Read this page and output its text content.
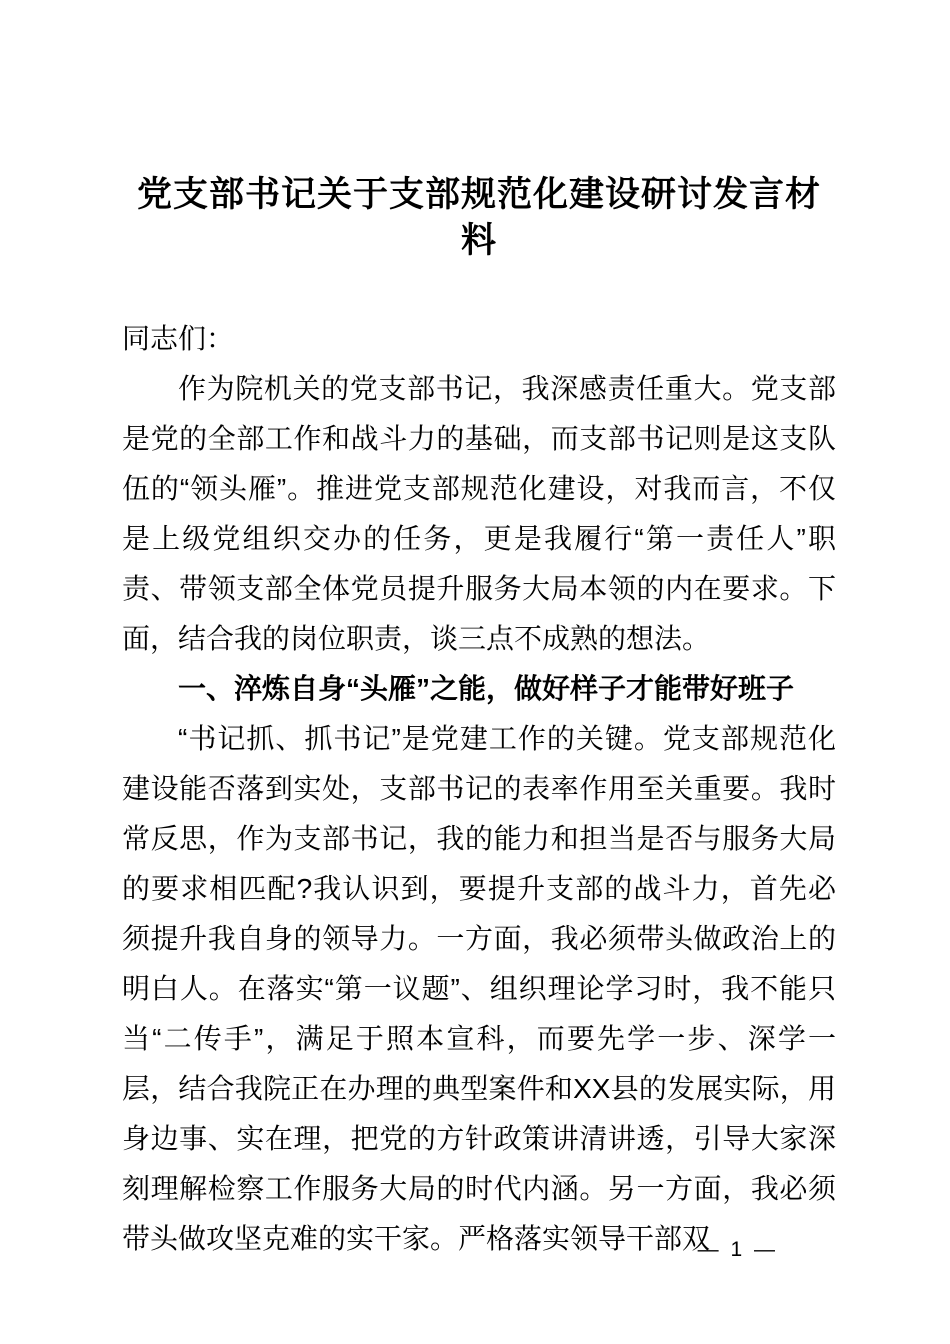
党支部书记关于支部规范化建设研讨发言材料

同志们：

作为院机关的党支部书记，我深感责任重大。党支部是党的全部工作和战斗力的基础，而支部书记则是这支队伍的“领头雁”。推进党支部规范化建设，对我而言，不仅是上级党组织交办的任务，更是我履行“第一责任人”职责、带领支部全体党员提升服务大局本领的内在要求。下面，结合我的岗位职责，谈三点不成熟的想法。

一、淬炼自身“头雁”之能，做好样子才能带好班子

“书记抓、抓书记”是党建工作的关键。党支部规范化建设能否落到实处，支部书记的表率作用至关重要。我时常反思，作为支部书记，我的能力和担当是否与服务大局的要求相匹配?我认识到，要提升支部的战斗力，首先必须提升我自身的领导力。一方面，我必须带头做政治上的明白人。在落实“第一议题”、组织理论学习时，我不能只当“二传手”，满足于照本宣科，而要先学一步、深学一层，结合我院正在办理的典型案件和XX县的发展实际，用身边事、实在理，把党的方针政策讲清讲透，引导大家深刻理解检察工作服务大局的时代内涵。另一方面，我必须带头做攻坚克难的实干家。严格落实领导干部双

— 1 —
